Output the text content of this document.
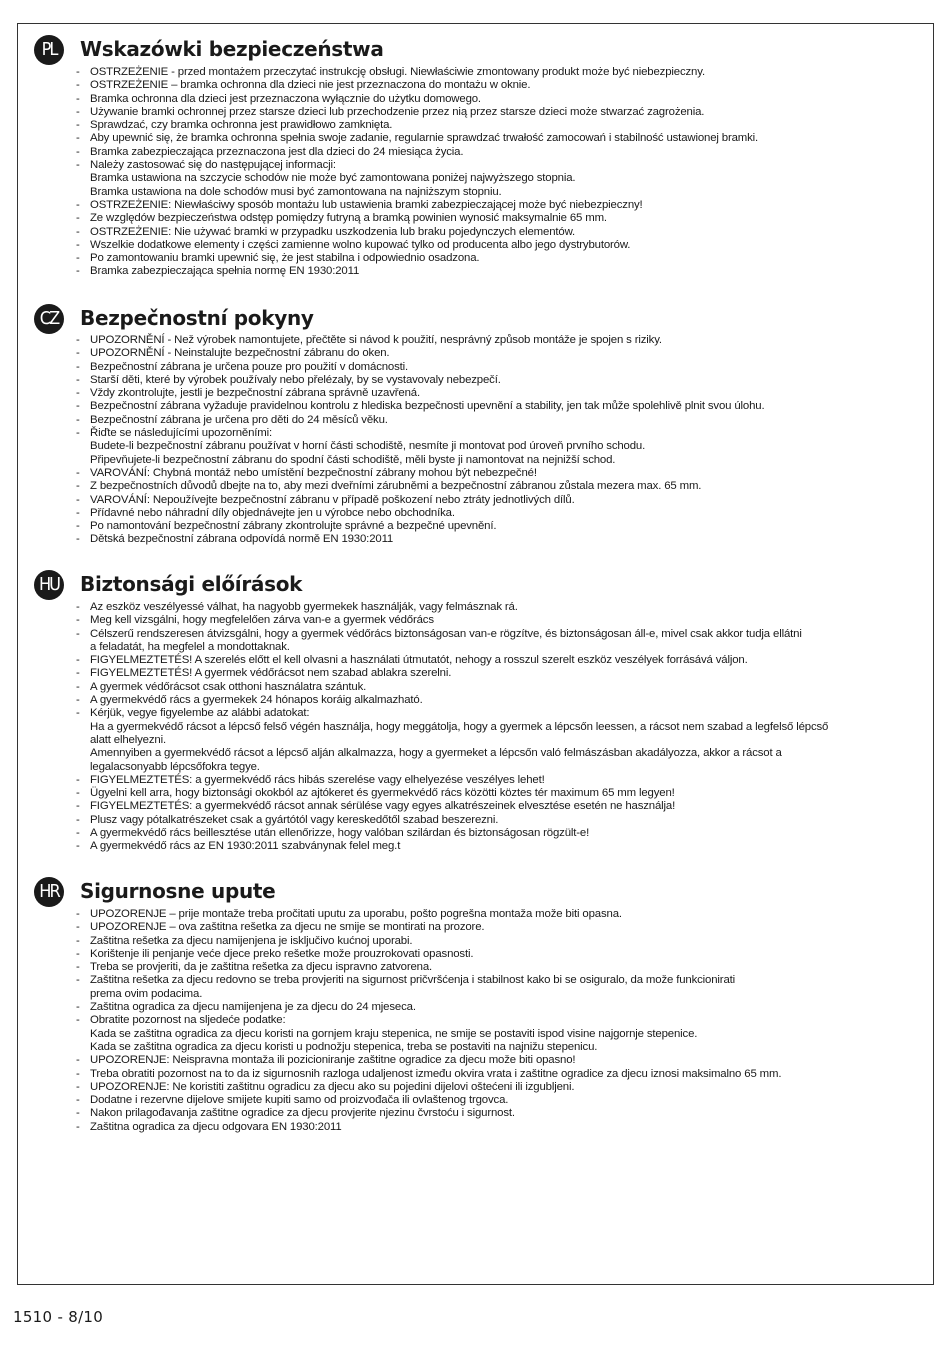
PL	Wskazówki bezpieczeństwa
- OSTRZEŻENIE - przed montażem przeczytać instrukcję obsługi. Niewłaściwie zmontowany produkt może być niebezpieczny.
- OSTRZEŻENIE – bramka ochronna dla dzieci nie jest przeznaczona do montażu w oknie.
- Bramka ochronna dla dzieci jest przeznaczona wyłącznie do użytku domowego.
- Używanie bramki ochronnej przez starsze dzieci lub przechodzenie przez nią przez starsze dzieci może stwarzać zagrożenia.
- Sprawdzać, czy bramka ochronna jest prawidłowo zamknięta.
- Aby upewnić się, że bramka ochronna spełnia swoje zadanie, regularnie sprawdzać trwałość zamocowań i stabilność ustawionej bramki.
- Bramka zabezpieczająca przeznaczona jest dla dzieci do 24 miesiąca życia.
- Należy zastosować się do następującej informacji:
Bramka ustawiona na szczycie schodów nie może być zamontowana poniżej najwyższego stopnia.
Bramka ustawiona na dole schodów musi być zamontowana na najniższym stopniu.
- OSTRZEŻENIE: Niewłaściwy sposób montażu lub ustawienia bramki zabezpieczającej może być niebezpieczny!
- Ze względów bezpieczeństwa odstęp pomiędzy futryną a bramką powinien wynosić maksymalnie 65 mm.
- OSTRZEŻENIE: Nie używać bramki w przypadku uszkodzenia lub braku pojedynczych elementów.
- Wszelkie dodatkowe elementy i części zamienne wolno kupować tylko od producenta albo jego dystrybutorów.
- Po zamontowaniu bramki upewnić się, że jest stabilna i odpowiednio osadzona.
- Bramka zabezpieczająca spełnia normę EN 1930:2011
CZ Bezpečnostní pokyny
- UPOZORNĚNÍ - Než výrobek namontujete, přečtěte si návod k použití, nesprávný způsob montáže je spojen s riziky.
- UPOZORNĚNÍ - Neinstalujte bezpečnostní zábranu do oken.
- Bezpečnostní zábrana je určena pouze pro použití v domácnosti.
- Starší děti, které by výrobek používaly nebo přelézaly, by se vystavovaly nebezpečí.
- Vždy zkontrolujte, jestli je bezpečnostní zábrana správně uzavřená.
- Bezpečnostní zábrana vyžaduje pravidelnou kontrolu z hlediska bezpečnosti upevnění a stability, jen tak může spolehlivě plnit svou úlohu.
- Bezpečnostní zábrana je určena pro děti do 24 měsíců věku.
- Řiďte se následujícími upozorněními:
Budete-li bezpečnostní zábranu používat v horní části schodiště, nesmíte ji montovat pod úroveň prvního schodu.
Připevňujete-li bezpečnostní zábranu do spodní části schodiště, měli byste ji namontovat na nejnižší schod.
- VAROVÁNÍ: Chybná montáž nebo umístění bezpečnostní zábrany mohou být nebezpečné!
- Z bezpečnostních důvodů dbejte na to, aby mezi dveřními zárubněmi a bezpečnostní zábranou zůstala mezera max. 65 mm.
- VAROVÁNÍ: Nepoužívejte bezpečnostní zábranu v případě poškození nebo ztráty jednotlivých dílů.
- Přídavné nebo náhradní díly objednávejte jen u výrobce nebo obchodníka.
- Po namontování bezpečnostní zábrany zkontrolujte správné a bezpečné upevnění.
- Dětská bezpečnostní zábrana odpovídá normě EN 1930:2011
HU Biztonsági előírások
- Az eszköz veszélyessé válhat, ha nagyobb gyermekek használják, vagy felmásznak rá.
- Meg kell vizsgálni, hogy megfelelően zárva van-e a gyermek védőrács
- Célszerű rendszeresen átvizsgálni, hogy a gyermek védőrács biztonságosan van-e rögzítve, és biztonságosan áll-e, mivel csak akkor tudja ellátni
a feladatát, ha megfelel a mondottaknak.
- FIGYELMEZTETÉS! A szerelés előtt el kell olvasni a használati útmutatót, nehogy a rosszul szerelt eszköz veszélyek forrásává váljon.
- FIGYELMEZTETÉS! A gyermek védőrácsot nem szabad ablakra szerelni.
- A gyermek védőrácsot csak otthoni használatra szántuk.
- A gyermekvédő rács a gyermekek 24 hónapos koráig alkalmazható.
- Kérjük, vegye figyelembe az alábbi adatokat:
Ha a gyermekvédő rácsot a lépcső felső végén használja, hogy meggátolja, hogy a gyermek a lépcsőn leessen, a rácsot nem szabad a legfelső lépcső
alatt elhelyezni.
Amennyiben a gyermekvédő rácsot a lépcső alján alkalmazza, hogy a gyermeket a lépcsőn való felmászásban akadályozza, akkor a rácsot a
legalacsonyabb lépcsőfokra tegye.
- FIGYELMEZTETÉS: a gyermekvédő rács hibás szerelése vagy elhelyezése veszélyes lehet!
- Ügyelni kell arra, hogy biztonsági okokból az ajtókeret és gyermekvédő rács közötti köztes tér maximum 65 mm legyen!
- FIGYELMEZTETÉS: a gyermekvédő rácsot annak sérülése vagy egyes alkatrészeinek elvesztése esetén ne használja!
- Plusz vagy pótalkatrészeket csak a gyártótól vagy kereskedőtől szabad beszerezni.
- A gyermekvédő rács beillesztése után ellenőrizze, hogy valóban szilárdan és biztonságosan rögzült-e!
- A gyermekvédő rács az EN 1930:2011 szabványnak felel meg.t
HR Sigurnosne upute
- UPOZORENJE – prije montaže treba pročitati uputu za uporabu, pošto pogrešna montaža može biti opasna.
- UPOZORENJE – ova zaštitna rešetka za djecu ne smije se montirati na prozore.
- Zaštitna rešetka za djecu namijenjena je isključivo kućnoj uporabi.
- Korištenje ili penjanje veće djece preko rešetke može prouzrokovati opasnosti.
- Treba se provjeriti, da je zaštitna rešetka za djecu ispravno zatvorena.
- Zaštitna rešetka za djecu redovno se treba provjeriti na sigurnost pričvršćenja i stabilnost kako bi se osiguralo, da može funkcionirati
prema ovim podacima.
- Zaštitna ogradica za djecu namijenjena je za djecu do 24 mjeseca.
- Obratite pozornost na sljedeće podatke:
Kada se zaštitna ogradica za djecu koristi na gornjem kraju stepenica, ne smije se postaviti ispod visine najgornje stepenice.
Kada se zaštitna ogradica za djecu koristi u podnožju stepenica, treba se postaviti na najnižu stepenicu.
- UPOZORENJE: Neispravna montaža ili pozicioniranje zaštitne ogradice za djecu može biti opasno!
- Treba obratiti pozornost na to da iz sigurnosnih razloga udaljenost između okvira vrata i zaštitne ogradice za djecu iznosi maksimalno 65 mm.
- UPOZORENJE: Ne koristiti zaštitnu ogradicu za djecu ako su pojedini dijelovi oštećeni ili izgubljeni.
- Dodatne i rezervne dijelove smijete kupiti samo od proizvođača ili ovlaštenog trgovca.
- Nakon prilagođavanja zaštitne ogradice za djecu provjerite njezinu čvrstoću i sigurnost.
- Zaštitna ogradica za djecu odgovara EN 1930:2011
1510 - 8/10
